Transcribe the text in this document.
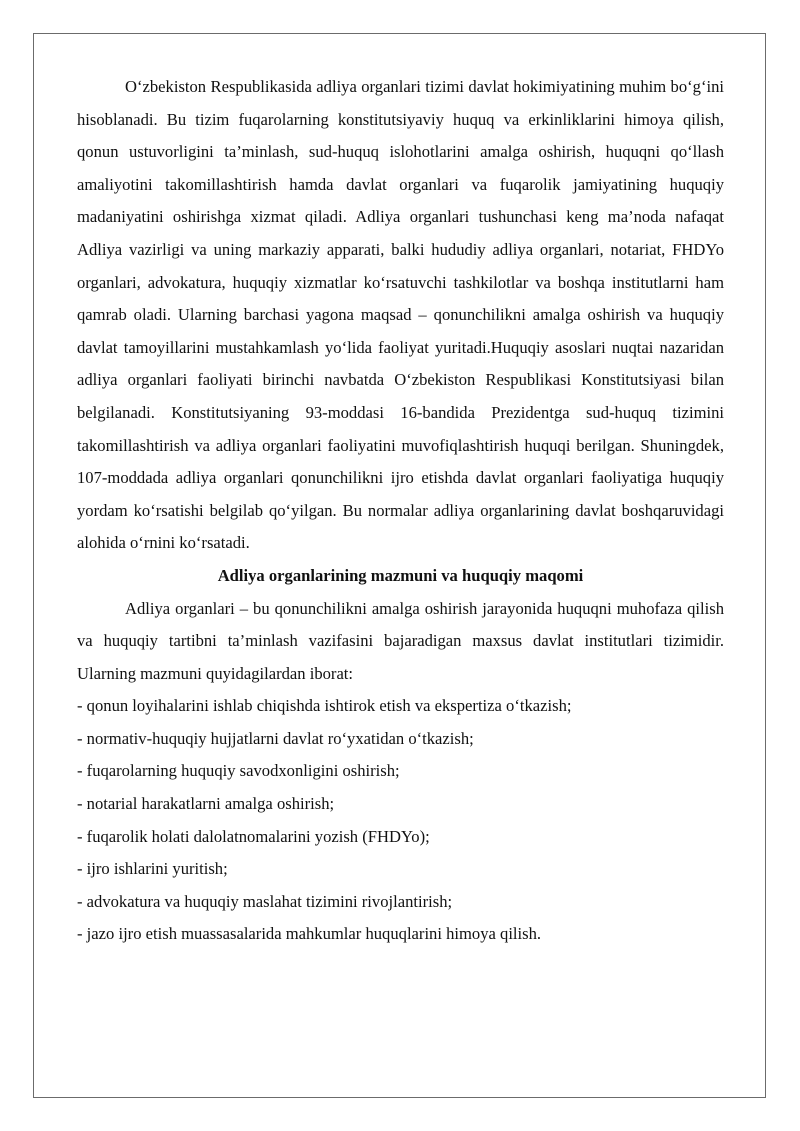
O‘zbekiston Respublikasida adliya organlari tizimi davlat hokimiyatining muhim bo‘g‘ini hisoblanadi. Bu tizim fuqarolarning konstitutsiyaviy huquq va erkinliklarini himoya qilish, qonun ustuvorligini ta’minlash, sud-huquq islohotlarini amalga oshirish, huquqni qo‘llash amaliyotini takomillashtirish hamda davlat organlari va fuqarolik jamiyatining huquqiy madaniyatini oshirishga xizmat qiladi. Adliya organlari tushunchasi keng ma’noda nafaqat Adliya vazirligi va uning markaziy apparati, balki hududiy adliya organlari, notariat, FHDYo organlari, advokatura, huquqiy xizmatlar ko‘rsatuvchi tashkilotlar va boshqa institutlarni ham qamrab oladi. Ularning barchasi yagona maqsad – qonunchilikni amalga oshirish va huquqiy davlat tamoyillarini mustahkamlash yo‘lida faoliyat yuritadi.Huquqiy asoslari nuqtai nazaridan adliya organlari faoliyati birinchi navbatda O‘zbekiston Respublikasi Konstitutsiyasi bilan belgilanadi. Konstitutsiyaning 93-moddasi 16-bandida Prezidentga sud-huquq tizimini takomillashtirish va adliya organlari faoliyatini muvofiqlashtirish huquqi berilgan. Shuningdek, 107-moddada adliya organlari qonunchilikni ijro etishda davlat organlari faoliyatiga huquqiy yordam ko‘rsatishi belgilab qo‘yilgan. Bu normalar adliya organlarining davlat boshqaruvidagi alohida o‘rnini ko‘rsatadi.

Adliya organlarining mazmuni va huquqiy maqomi

Adliya organlari – bu qonunchilikni amalga oshirish jarayonida huquqni muhofaza qilish va huquqiy tartibni ta’minlash vazifasini bajaradigan maxsus davlat institutlari tizimidir. Ularning mazmuni quyidagilardan iborat:

- qonun loyihalarini ishlab chiqishda ishtirok etish va ekspertiza o‘tkazish;
- normativ-huquqiy hujjatlarni davlat ro‘yxatidan o‘tkazish;
- fuqarolarning huquqiy savodxonligini oshirish;
- notarial harakatlarni amalga oshirish;
- fuqarolik holati dalolatnomalarini yozish (FHDYo);
- ijro ishlarini yuritish;
- advokatura va huquqiy maslahat tizimini rivojlantirish;
- jazo ijro etish muassasalarida mahkumlar huquqlarini himoya qilish.
